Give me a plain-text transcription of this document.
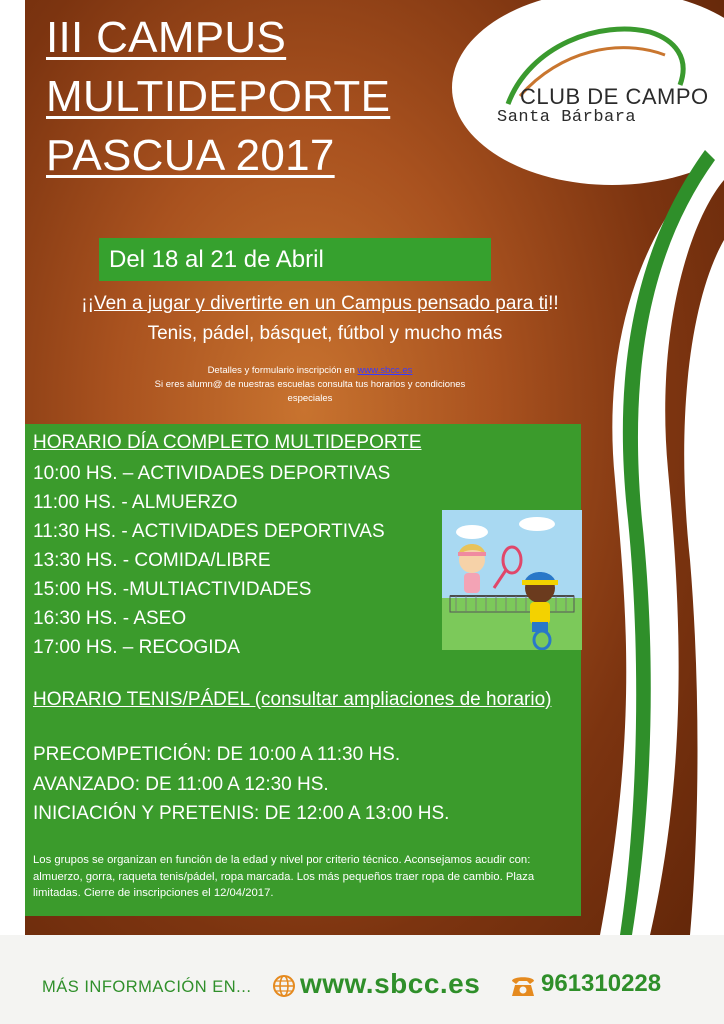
III CAMPUS
MULTIDEPORTE
PASCUA 2017
CLUB DE CAMPO
Santa Bárbara
Del 18 al 21 de Abril
¡¡Ven a jugar y divertirte en un Campus pensado para ti!!
Tenis, pádel, básquet, fútbol y mucho más
Detalles y formulario inscripción en www.sbcc.es
Si eres alumn@ de nuestras escuelas consulta tus horarios y condiciones especiales
HORARIO DÍA COMPLETO MULTIDEPORTE
10:00 HS. – ACTIVIDADES DEPORTIVAS
11:00 HS. - ALMUERZO
11:30 HS. - ACTIVIDADES DEPORTIVAS
13:30 HS. - COMIDA/LIBRE
15:00 HS. -MULTIACTIVIDADES
16:30 HS. - ASEO
17:00 HS. – RECOGIDA
HORARIO TENIS/PÁDEL (consultar ampliaciones de horario)
PRECOMPETICIÓN: DE 10:00 A 11:30 HS.
AVANZADO: DE 11:00 A 12:30 HS.
INICIACIÓN Y PRETENIS: DE 12:00 A 13:00 HS.
Los grupos se organizan en función de la edad y nivel por criterio técnico. Aconsejamos acudir con: almuerzo, gorra, raqueta tenis/pádel, ropa marcada. Los más pequeños traer ropa de cambio. Plaza limitadas. Cierre de inscripciones el 12/04/2017.
MÁS INFORMACIÓN EN... www.sbcc.es	961310228
